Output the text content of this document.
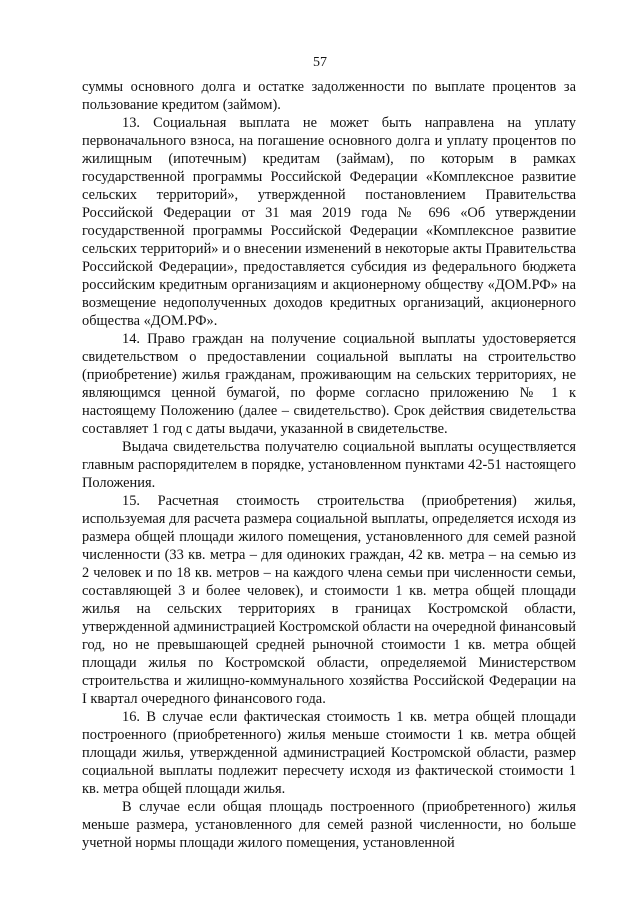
57

суммы основного долга и остатке задолженности по выплате процентов за пользование кредитом (займом).

13. Социальная выплата не может быть направлена на уплату первоначального взноса, на погашение основного долга и уплату процентов по жилищным (ипотечным) кредитам (займам), по которым в рамках государственной программы Российской Федерации «Комплексное развитие сельских территорий», утвержденной постановлением Правительства Российской Федерации от 31 мая 2019 года № 696 «Об утверждении государственной программы Российской Федерации «Комплексное развитие сельских территорий» и о внесении изменений в некоторые акты Правительства Российской Федерации», предоставляется субсидия из федерального бюджета российским кредитным организациям и акционерному обществу «ДОМ.РФ» на возмещение недополученных доходов кредитных организаций, акционерного общества «ДОМ.РФ».

14. Право граждан на получение социальной выплаты удостоверяется свидетельством о предоставлении социальной выплаты на строительство (приобретение) жилья гражданам, проживающим на сельских территориях, не являющимся ценной бумагой, по форме согласно приложению № 1 к настоящему Положению (далее – свидетельство). Срок действия свидетельства составляет 1 год с даты выдачи, указанной в свидетельстве.

Выдача свидетельства получателю социальной выплаты осуществляется главным распорядителем в порядке, установленном пунктами 42-51 настоящего Положения.

15. Расчетная стоимость строительства (приобретения) жилья, используемая для расчета размера социальной выплаты, определяется исходя из размера общей площади жилого помещения, установленного для семей разной численности (33 кв. метра – для одиноких граждан, 42 кв. метра – на семью из 2 человек и по 18 кв. метров – на каждого члена семьи при численности семьи, составляющей 3 и более человек), и стоимости 1 кв. метра общей площади жилья на сельских территориях в границах Костромской области, утвержденной администрацией Костромской области на очередной финансовый год, но не превышающей средней рыночной стоимости 1 кв. метра общей площади жилья по Костромской области, определяемой Министерством строительства и жилищно-коммунального хозяйства Российской Федерации на I квартал очередного финансового года.

16. В случае если фактическая стоимость 1 кв. метра общей площади построенного (приобретенного) жилья меньше стоимости 1 кв. метра общей площади жилья, утвержденной администрацией Костромской области, размер социальной выплаты подлежит пересчету исходя из фактической стоимости 1 кв. метра общей площади жилья.

В случае если общая площадь построенного (приобретенного) жилья меньше размера, установленного для семей разной численности, но больше учетной нормы площади жилого помещения, установленной
